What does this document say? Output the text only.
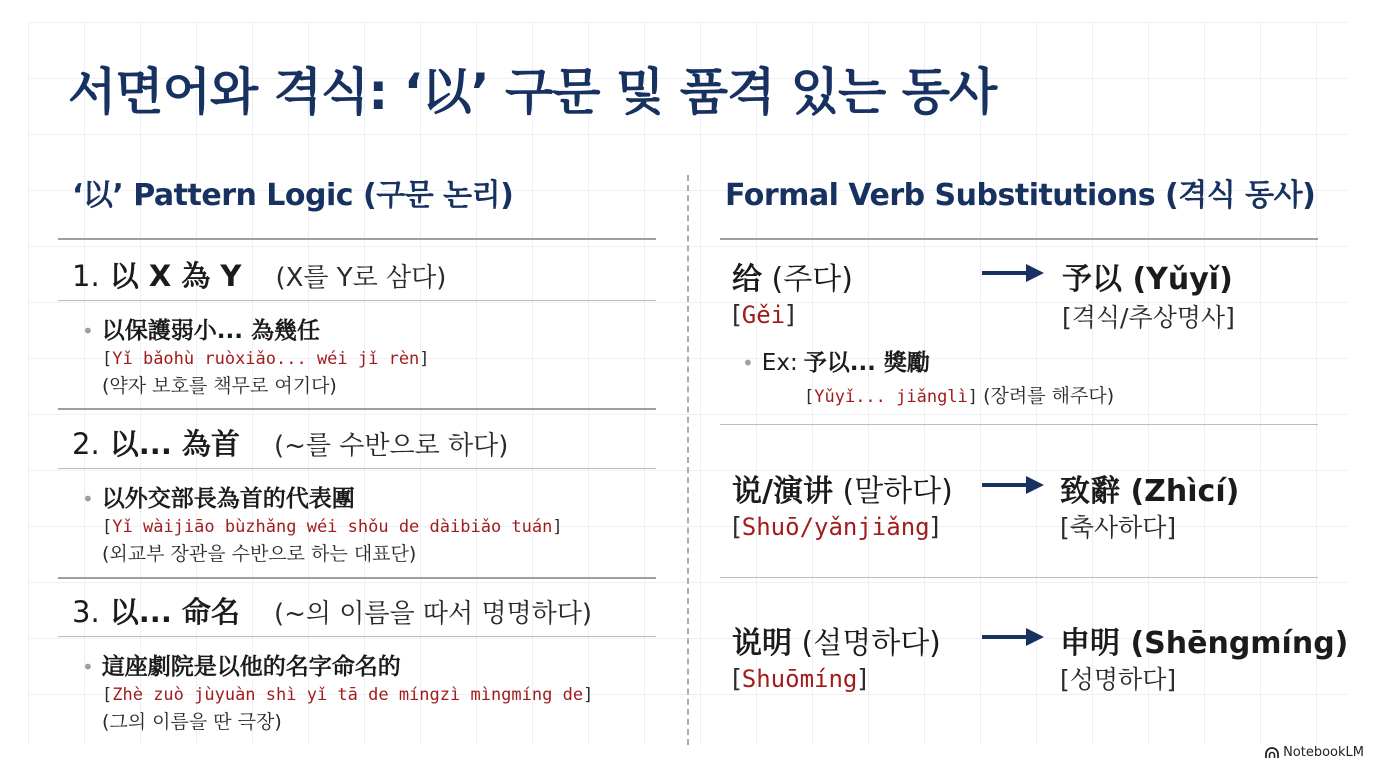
서면어와 격식: ‘以’ 구문 및 품격 있는 동사
‘以’ Pattern Logic (구문 논리)
1. 以 X 為 Y (X를 Y로 삼다)
• 以保護弱小... 為幾任
[Yǐ bǎohù ruòxiǎo... wéi jǐ rèn]
(약자 보호를 책무로 여기다)
2. 以... 為首 (~를 수반으로 하다)
• 以外交部長為首的代表團
[Yǐ wàijiāo bùzhǎng wéi shǒu de dàibiǎo tuán]
(외교부 장관을 수반으로 하는 대표단)
3. 以... 命名 (~의 이름을 따서 명명하다)
• 這座劇院是以他的名字命名的
[Zhè zuò jùyuàn shì yǐ tā de míngzì mìngmíng de]
(그의 이름을 딴 극장)
Formal Verb Substitutions (격식 동사)
给 (주다)
[Gěi]
予以 (Yǔyǐ)
[격식/추상명사]
• Ex: 予以... 獎勵
[Yǔyǐ... jiǎnglì] (장려를 해주다)
说/演讲 (말하다)
[Shuō/yǎnjiǎng]
致辭 (Zhìcí)
[축사하다]
说明 (설명하다)
[Shuōmíng]
申明 (Shēngmíng)
[성명하다]
NotebookLM
